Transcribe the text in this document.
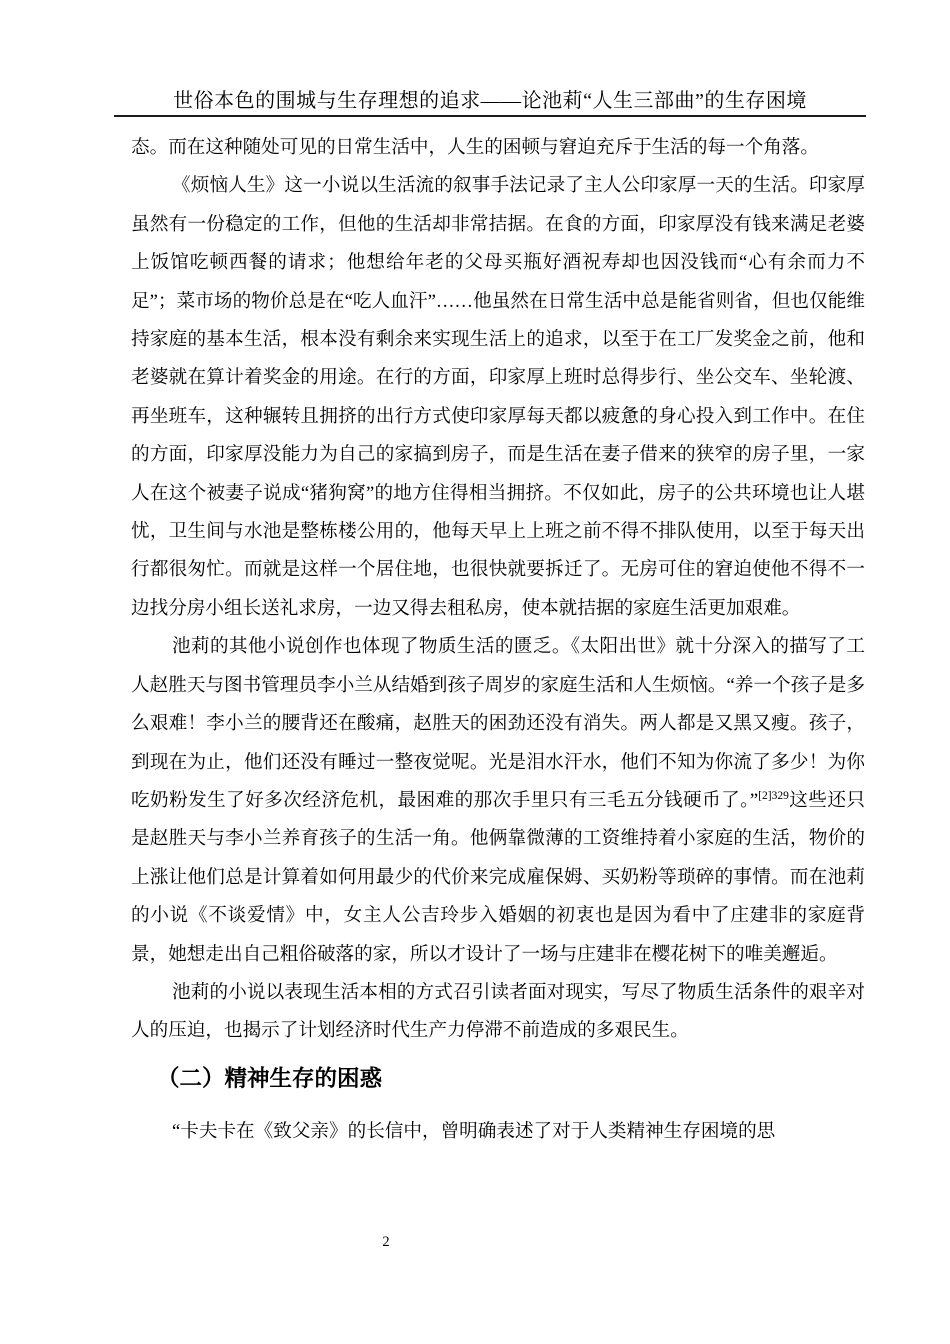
世俗本色的围城与生存理想的追求——论池莉“人生三部曲”的生存困境

态。而在这种随处可见的日常生活中，人生的困顿与窘迫充斥于生活的每一个角落。

《烦恼人生》这一小说以生活流的叙事手法记录了主人公印家厚一天的生活。印家厚虽然有一份稳定的工作，但他的生活却非常拮据。在食的方面，印家厚没有钱来满足老婆上饭馆吃顿西餐的请求；他想给年老的父母买瓶好酒祝寿却也因没钱而“心有余而力不足”；菜市场的物价总是在“吃人血汗”……他虽然在日常生活中总是能省则省，但也仅能维持家庭的基本生活，根本没有剩余来实现生活上的追求，以至于在工厂发奖金之前，他和老婆就在算计着奖金的用途。在行的方面，印家厚上班时总得步行、坐公交车、坐轮渡、再坐班车，这种辗转且拥挤的出行方式使印家厚每天都以疲惫的身心投入到工作中。在住的方面，印家厚没能力为自己的家搞到房子，而是生活在妻子借来的狭窄的房子里，一家人在这个被妻子说成“猪狗窝”的地方住得相当拥挤。不仅如此，房子的公共环境也让人堪忧，卫生间与水池是整栋楼公用的，他每天早上上班之前不得不排队使用，以至于每天出行都很匆忙。而就是这样一个居住地，也很快就要拆迁了。无房可住的窘迫使他不得不一边找分房小组长送礼求房，一边又得去租私房，使本就拮据的家庭生活更加艰难。

池莉的其他小说创作也体现了物质生活的匮乏。《太阳出世》就十分深入的描写了工人赵胜天与图书管理员李小兰从结婚到孩子周岁的家庭生活和人生烦恼。“养一个孩子是多么艰难！李小兰的腰背还在酸痛，赵胜天的困劲还没有消失。两人都是又黑又瘦。孩子，到现在为止，他们还没有睡过一整夜觉呢。光是泪水汗水，他们不知为你流了多少！为你吃奶粉发生了好多次经济危机，最困难的那次手里只有三毛五分钱硬币了。”$^{[2]329}$这些还只是赵胜天与李小兰养育孩子的生活一角。他俩靠微薄的工资维持着小家庭的生活，物价的上涨让他们总是计算着如何用最少的代价来完成雇保姆、买奶粉等琐碎的事情。而在池莉的小说《不谈爱情》中，女主人公吉玲步入婚姻的初衷也是因为看中了庄建非的家庭背景，她想走出自己粗俗破落的家，所以才设计了一场与庄建非在樱花树下的唯美邂逅。

池莉的小说以表现生活本相的方式召引读者面对现实，写尽了物质生活条件的艰辛对人的压迫，也揭示了计划经济时代生产力停滞不前造成的多艰民生。

（二）精神生存的困惑

“卡夫卡在《致父亲》的长信中，曾明确表述了对于人类精神生存困境的思

2
